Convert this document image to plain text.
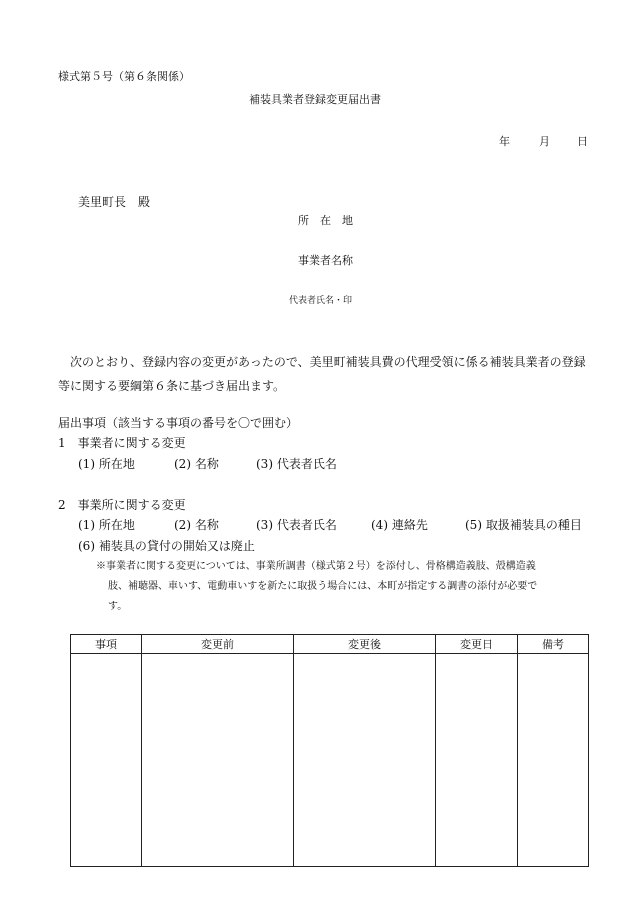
様式第５号（第６条関係）
補装具業者登録変更届出書
年	月 日
美里町長　殿
所　在　地
事業者名称
代表者氏名・印
次のとおり、登録内容の変更があったので、美里町補装具費の代理受領に係る補装具業者の登録等に関する要綱第６条に基づき届出ます。
届出事項（該当する事項の番号を〇で囲む）
1　事業者に関する変更
(1) 所在地	(2) 名称	(3) 代表者氏名
2　事業所に関する変更
(1) 所在地	(2) 名称	(3) 代表者氏名	(4) 連絡先	(5) 取扱補装具の種目
(6) 補装具の貸付の開始又は廃止
※事業者に関する変更については、事業所調書（様式第２号）を添付し、骨格構造義肢、殻構造義
肢、補聴器、車いす、電動車いすを新たに取扱う場合には、本町が指定する調書の添付が必要で
す。
事項	変更前	変更後	変更日	備考
